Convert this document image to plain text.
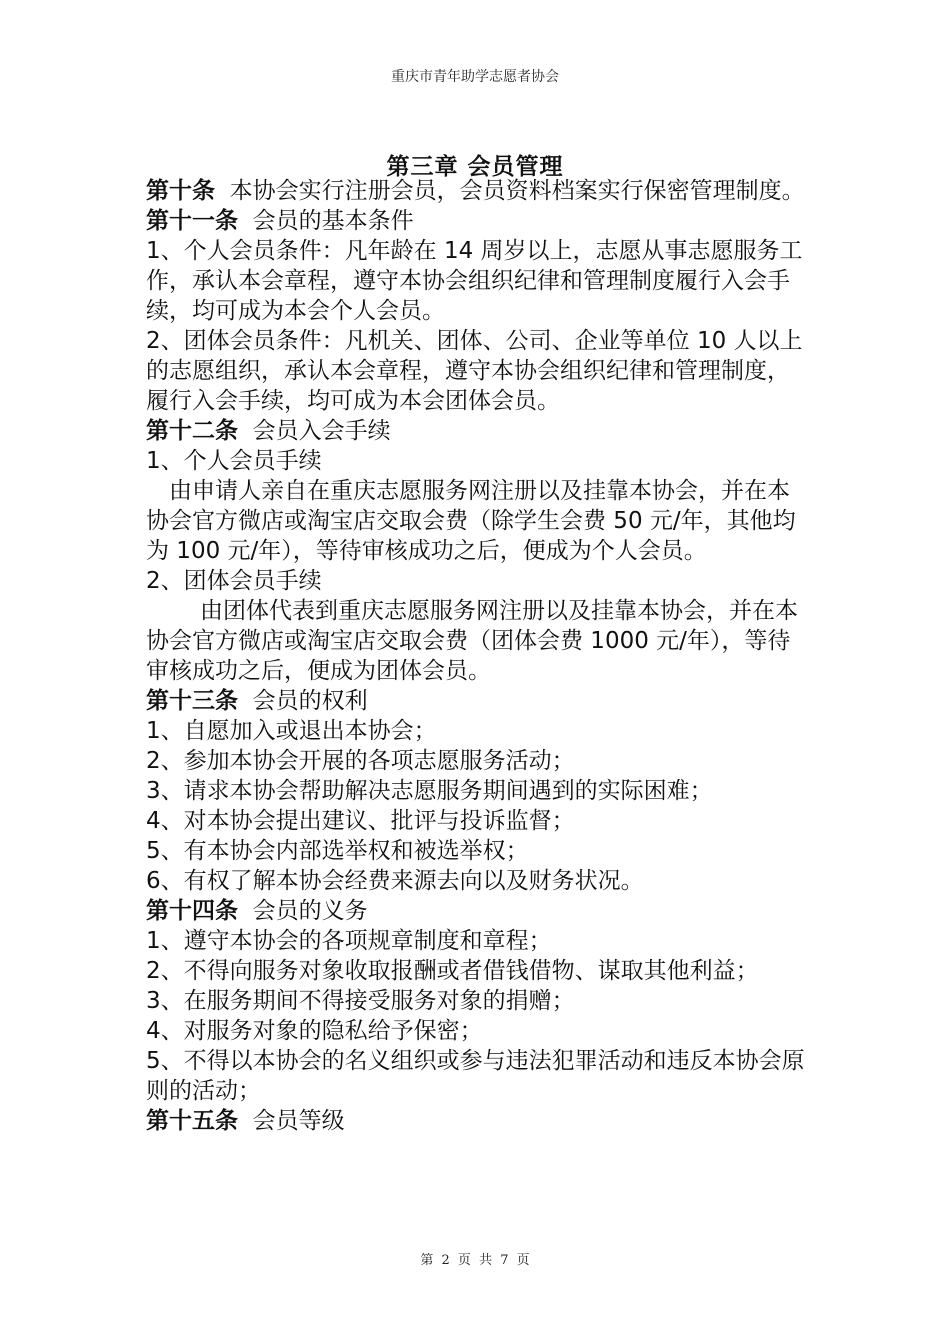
重庆市青年助学志愿者协会
第三章 会员管理

第十条 本协会实行注册会员，会员资料档案实行保密管理制度。

第十一条 会员的基本条件

1、个人会员条件：凡年龄在 14 周岁以上，志愿从事志愿服务工作，承认本会章程，遵守本协会组织纪律和管理制度履行入会手续，均可成为本会个人会员。

2、团体会员条件：凡机关、团体、公司、企业等单位 10 人以上的志愿组织，承认本会章程，遵守本协会组织纪律和管理制度，履行入会手续，均可成为本会团体会员。

第十二条 会员入会手续

1、个人会员手续

由申请人亲自在重庆志愿服务网注册以及挂靠本协会，并在本协会官方微店或淘宝店交取会费（除学生会费 50 元/年，其他均为 100 元/年），等待审核成功之后，便成为个人会员。

2、团体会员手续

由团体代表到重庆志愿服务网注册以及挂靠本协会，并在本协会官方微店或淘宝店交取会费（团体会费 1000 元/年），等待审核成功之后，便成为团体会员。

第十三条 会员的权利

1、自愿加入或退出本协会；

2、参加本协会开展的各项志愿服务活动；

3、请求本协会帮助解决志愿服务期间遇到的实际困难；

4、对本协会提出建议、批评与投诉监督；

5、有本协会内部选举权和被选举权；

6、有权了解本协会经费来源去向以及财务状况。

第十四条 会员的义务

1、遵守本协会的各项规章制度和章程；

2、不得向服务对象收取报酬或者借钱借物、谋取其他利益；

3、在服务期间不得接受服务对象的捐赠；

4、对服务对象的隐私给予保密；

5、不得以本协会的名义组织或参与违法犯罪活动和违反本协会原则的活动；

第十五条 会员等级

第 2 页 共 7 页
